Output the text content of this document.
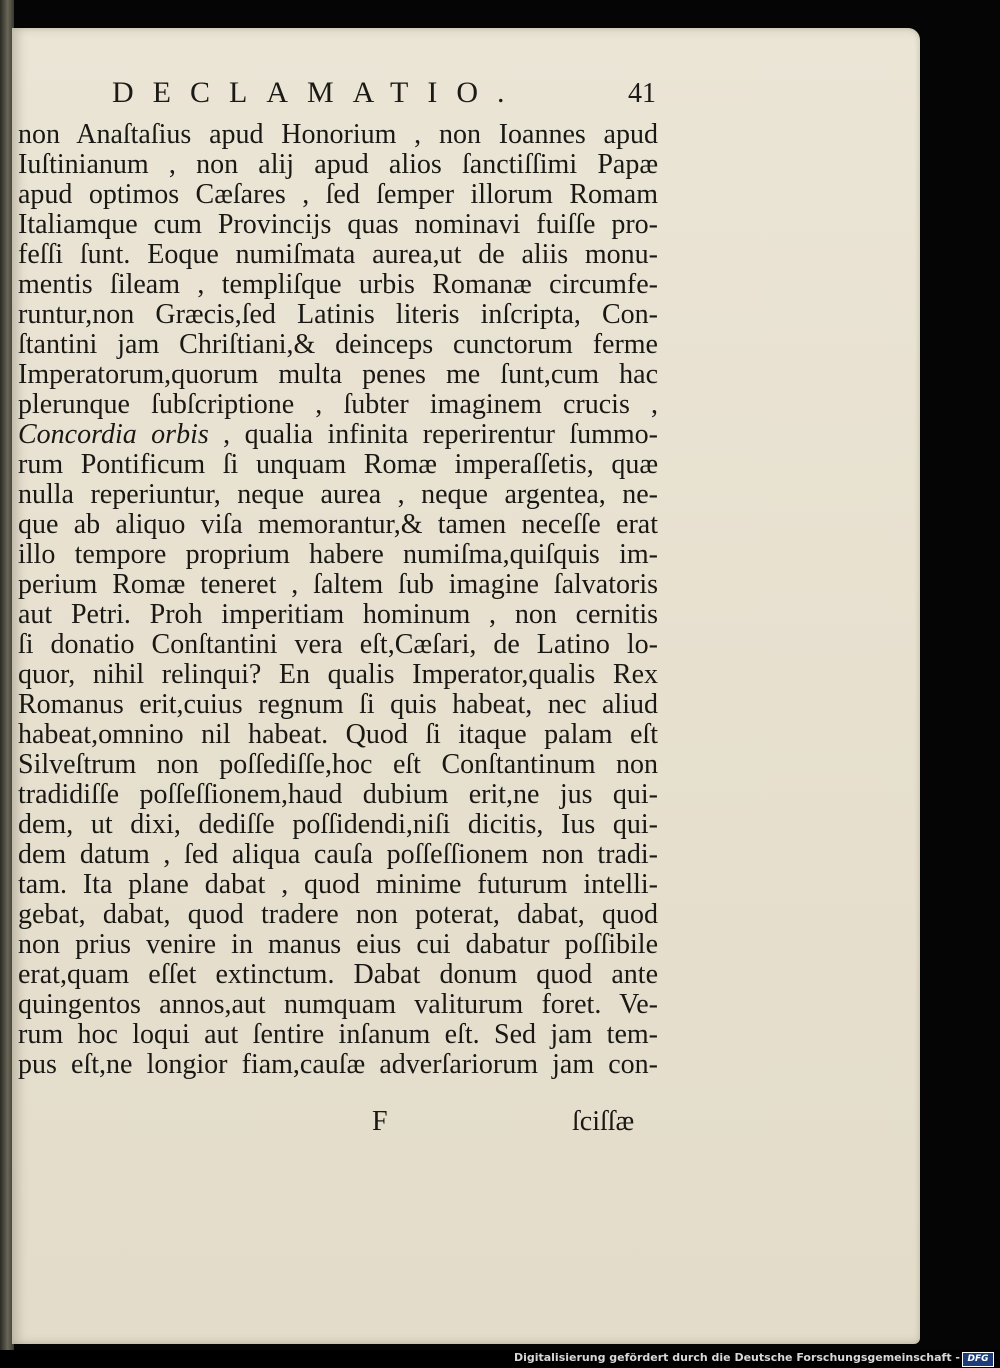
DECLAMATIO.	41
non Anaſtaſius apud Honorium , non Ioannes apud
Iuſtinianum , non alij apud alios ſanctiſſimi Papæ
apud optimos Cæſares , ſed ſemper illorum Romam
Italiamque cum Provincijs quas nominavi fuiſſe pro-
feſſi ſunt. Eoque numiſmata aurea,ut de aliis monu-
mentis ſileam , templiſque urbis Romanæ circumfe-
runtur,non Græcis,ſed Latinis literis inſcripta, Con-
ſtantini jam Chriſtiani,& deinceps cunctorum ferme
Imperatorum,quorum multa penes me ſunt,cum hac
plerunque ſubſcriptione , ſubter imaginem crucis ,
Concordia orbis , qualia infinita reperirentur ſummo-
rum Pontificum ſi unquam Romæ imperaſſetis, quæ
nulla reperiuntur, neque aurea , neque argentea, ne-
que ab aliquo viſa memorantur,& tamen neceſſe erat
illo tempore proprium habere numiſma,quiſquis im-
perium Romæ teneret , ſaltem ſub imagine ſalvatoris
aut Petri. Proh imperitiam hominum , non cernitis
ſi donatio Conſtantini vera eſt,Cæſari, de Latino lo-
quor, nihil relinqui? En qualis Imperator,qualis Rex
Romanus erit,cuius regnum ſi quis habeat, nec aliud
habeat,omnino nil habeat. Quod ſi itaque palam eſt
Silveſtrum non poſſediſſe,hoc eſt Conſtantinum non
tradidiſſe poſſeſſionem,haud dubium erit,ne jus qui-
dem, ut dixi, dediſſe poſſidendi,niſi dicitis, Ius qui-
dem datum , ſed aliqua cauſa poſſeſſionem non tradi-
tam. Ita plane dabat , quod minime futurum intelli-
gebat, dabat, quod tradere non poterat, dabat, quod
non prius venire in manus eius cui dabatur poſſibile
erat,quam eſſet extinctum. Dabat donum quod ante
quingentos annos,aut numquam valiturum foret. Ve-
rum hoc loqui aut ſentire inſanum eſt. Sed jam tem-
pus eſt,ne longior fiam,cauſæ adverſariorum jam con-
F	ſciſſæ
Digitalisierung gefördert durch die Deutsche Forschungsgemeinschaft - DFG
